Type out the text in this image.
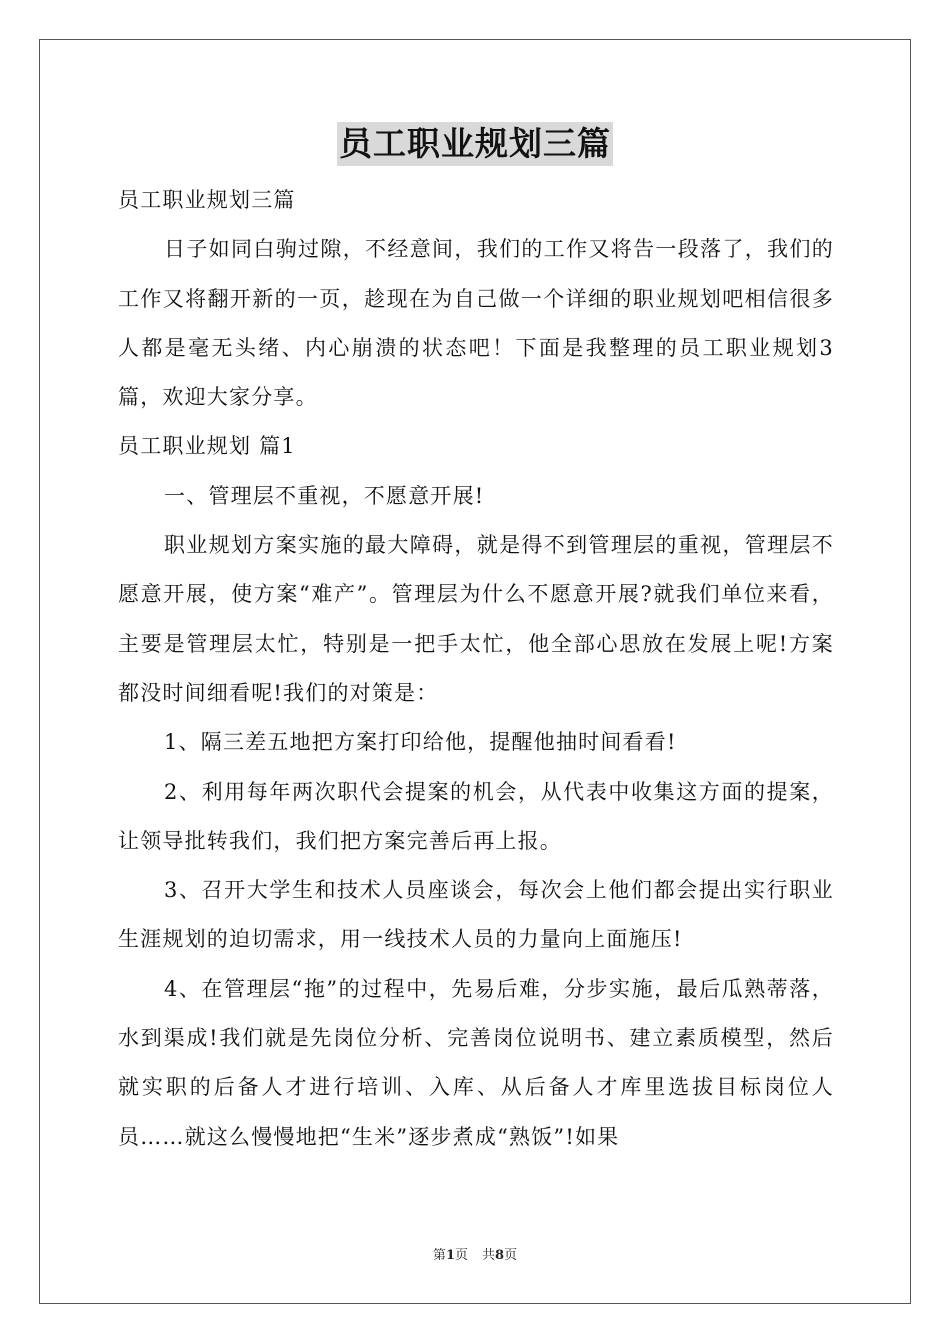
员工职业规划三篇

员工职业规划三篇

日子如同白驹过隙，不经意间，我们的工作又将告一段落了，我们的工作又将翻开新的一页，趁现在为自己做一个详细的职业规划吧相信很多人都是毫无头绪、内心崩溃的状态吧！下面是我整理的员工职业规划3篇，欢迎大家分享。

员工职业规划 篇1

一、管理层不重视，不愿意开展!

职业规划方案实施的最大障碍，就是得不到管理层的重视，管理层不愿意开展，使方案“难产”。管理层为什么不愿意开展?就我们单位来看，主要是管理层太忙，特别是一把手太忙，他全部心思放在发展上呢!方案都没时间细看呢!我们的对策是：

1、隔三差五地把方案打印给他，提醒他抽时间看看!

2、利用每年两次职代会提案的机会，从代表中收集这方面的提案，让领导批转我们，我们把方案完善后再上报。

3、召开大学生和技术人员座谈会，每次会上他们都会提出实行职业生涯规划的迫切需求，用一线技术人员的力量向上面施压!

4、在管理层“拖”的过程中，先易后难，分步实施，最后瓜熟蒂落，水到渠成!我们就是先岗位分析、完善岗位说明书、建立素质模型，然后就实职的后备人才进行培训、入库、从后备人才库里选拔目标岗位人员……就这么慢慢地把“生米”逐步煮成“熟饭”!如果

第1页 共8页
